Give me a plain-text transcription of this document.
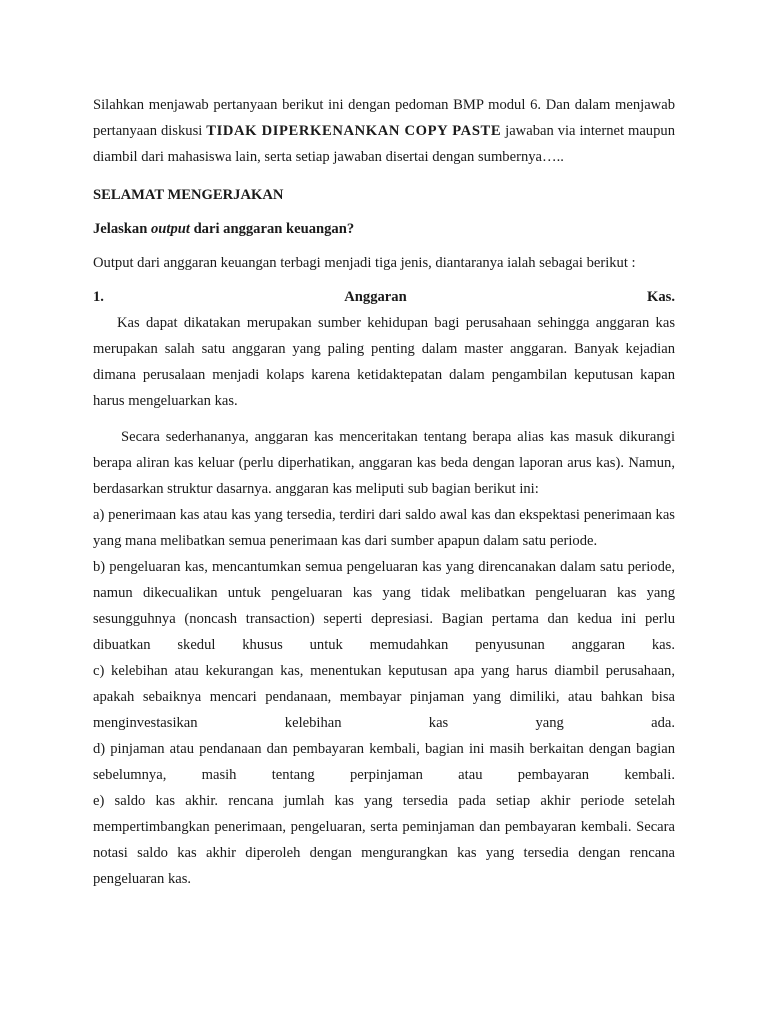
Silahkan menjawab pertanyaan berikut ini dengan pedoman BMP modul 6. Dan dalam menjawab pertanyaan diskusi TIDAK DIPERKENANKAN COPY PASTE jawaban via internet maupun diambil dari mahasiswa lain, serta setiap jawaban disertai dengan sumbernya…..

SELAMAT MENGERJAKAN

Jelaskan output dari anggaran keuangan?

Output dari anggaran keuangan terbagi menjadi tiga jenis, diantaranya ialah sebagai berikut :

1.	Anggaran	Kas.

Kas dapat dikatakan merupakan sumber kehidupan bagi perusahaan sehingga anggaran kas merupakan salah satu anggaran yang paling penting dalam master anggaran. Banyak kejadian dimana perusalaan menjadi kolaps karena ketidaktepatan dalam pengambilan keputusan kapan harus mengeluarkan kas.

Secara sederhananya, anggaran kas menceritakan tentang berapa alias kas masuk dikurangi berapa aliran kas keluar (perlu diperhatikan, anggaran kas beda dengan laporan arus kas). Namun, berdasarkan struktur dasarnya. anggaran kas meliputi sub bagian berikut ini:

a) penerimaan kas atau kas yang tersedia, terdiri dari saldo awal kas dan ekspektasi penerimaan kas yang mana melibatkan semua penerimaan kas dari sumber apapun dalam satu periode.

b) pengeluaran kas, mencantumkan semua pengeluaran kas yang direncanakan dalam satu periode, namun dikecualikan untuk pengeluaran kas yang tidak melibatkan pengeluaran kas yang sesungguhnya (noncash transaction) seperti depresiasi. Bagian pertama dan kedua ini perlu dibuatkan skedul khusus untuk memudahkan penyusunan anggaran kas.

c) kelebihan atau kekurangan kas, menentukan keputusan apa yang harus diambil perusahaan, apakah sebaiknya mencari pendanaan, membayar pinjaman yang dimiliki, atau bahkan bisa menginvestasikan kelebihan kas yang ada.

d) pinjaman atau pendanaan dan pembayaran kembali, bagian ini masih berkaitan dengan bagian sebelumnya, masih tentang perpinjaman atau pembayaran kembali.

e) saldo kas akhir. rencana jumlah kas yang tersedia pada setiap akhir periode setelah mempertimbangkan penerimaan, pengeluaran, serta peminjaman dan pembayaran kembali. Secara notasi saldo kas akhir diperoleh dengan mengurangkan kas yang tersedia dengan rencana pengeluaran kas.
